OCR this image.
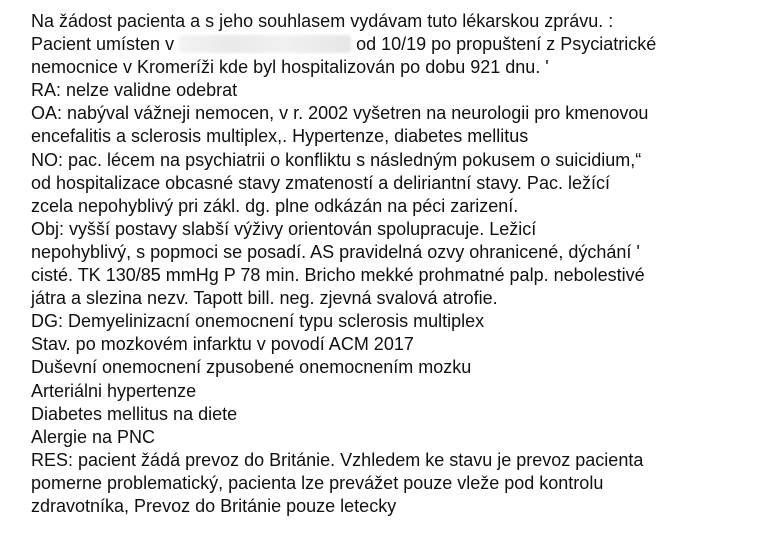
Na žádost pacienta a s jeho souhlasem vydávam tuto lékarskou zprávu. :
Pacient umísten v	od 10/19 po propuštení z Psyciatrické
nemocnice v Kromeríži kde byl hospitalizován po dobu 921 dnu. '
RA: nelze validne odebrat
OA: nabýval vážneji nemocen, v r. 2002 vyšetren na neurologii pro kmenovou
encefalitis a sclerosis multiplex,. Hypertenze, diabetes mellitus
NO: pac. lécem na psychiatrii o konfliktu s následným pokusem o suicidium,“
od hospitalizace obcasné stavy zmateností a deliriantní stavy. Pac. ležící
zcela nepohyblivý pri zákl. dg. plne odkázán na péci zarizení.
Obj: vyšší postavy slabší výživy orientován spolupracuje. Ležicí
nepohyblivý, s popmoci se posadí. AS pravidelná ozvy ohranicené, dýchání '
cisté. TK 130/85 mmHg P 78 min. Bricho mekké prohmatné palp. nebolestivé
játra a slezina nezv. Tapott bill. neg. zjevná svalová atrofie.
DG: Demyelinizacní onemocnení typu sclerosis multiplex
Stav. po mozkovém infarktu v povodí ACM 2017
Duševní onemocnení zpusobené onemocnením mozku
Arteriálni hypertenze
Diabetes mellitus na diete
Alergie na PNC
RES: pacient žádá prevoz do Británie. Vzhledem ke stavu je prevoz pacienta
pomerne problematický, pacienta lze prevážet pouze vleže pod kontrolu
zdravotníka, Prevoz do Británie pouze letecky
